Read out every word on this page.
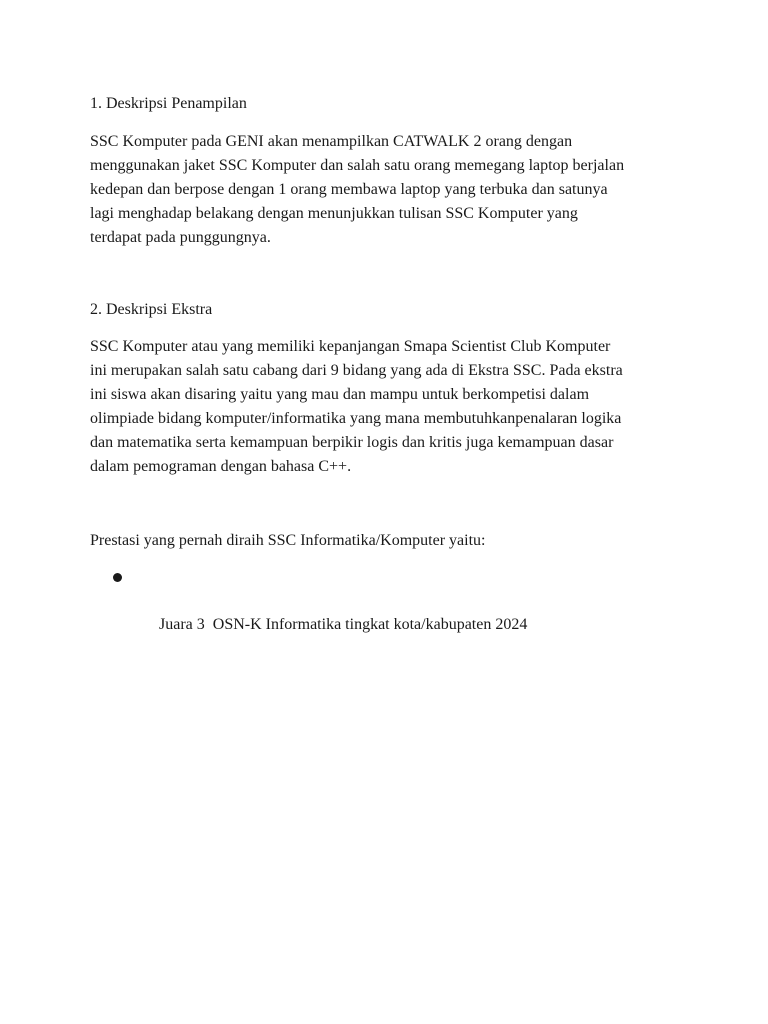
1. Deskripsi Penampilan

SSC Komputer pada GENI akan menampilkan CATWALK 2 orang dengan
menggunakan jaket SSC Komputer dan salah satu orang memegang laptop berjalan
kedepan dan berpose dengan 1 orang membawa laptop yang terbuka dan satunya
lagi menghadap belakang dengan menunjukkan tulisan SSC Komputer yang
terdapat pada punggungnya.

2. Deskripsi Ekstra

SSC Komputer atau yang memiliki kepanjangan Smapa Scientist Club Komputer
ini merupakan salah satu cabang dari 9 bidang yang ada di Ekstra SSC. Pada ekstra
ini siswa akan disaring yaitu yang mau dan mampu untuk berkompetisi dalam
olimpiade bidang komputer/informatika yang mana membutuhkanpenalaran logika
dan matematika serta kemampuan berpikir logis dan kritis juga kemampuan dasar
dalam pemograman dengan bahasa C++.

Prestasi yang pernah diraih SSC Informatika/Komputer yaitu:

Juara 3  OSN-K Informatika tingkat kota/kabupaten 2024
